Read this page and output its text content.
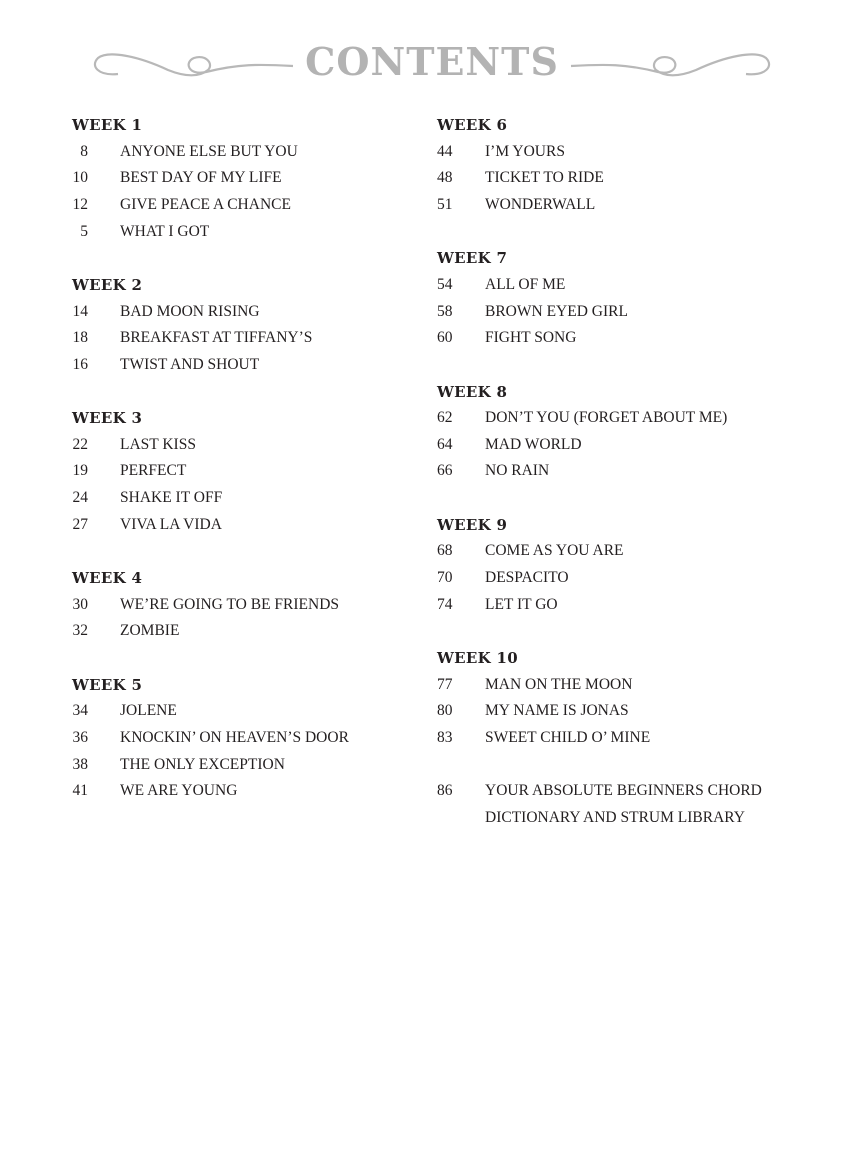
CONTENTS
WEEK 1
8 ANYONE ELSE BUT YOU
10 BEST DAY OF MY LIFE
12 GIVE PEACE A CHANCE
5 WHAT I GOT
WEEK 2
14 BAD MOON RISING
18 BREAKFAST AT TIFFANY’S
16 TWIST AND SHOUT
WEEK 3
22 LAST KISS
19 PERFECT
24 SHAKE IT OFF
27 VIVA LA VIDA
WEEK 4
30 WE’RE GOING TO BE FRIENDS
32 ZOMBIE
WEEK 5
34 JOLENE
36 KNOCKIN’ ON HEAVEN’S DOOR
38 THE ONLY EXCEPTION
41 WE ARE YOUNG
WEEK 6
44	I’M YOURS
48	TICKET TO RIDE
51	WONDERWALL
WEEK 7
54	ALL OF ME
58	BROWN EYED GIRL
60	FIGHT SONG
WEEK 8
62	DON’T YOU (FORGET ABOUT ME)
64	MAD WORLD
66	NO RAIN
WEEK 9
68	COME AS YOU ARE
70	DESPACITO
74	LET IT GO
WEEK 10
77	MAN ON THE MOON
80	MY NAME IS JONAS
83	SWEET CHILD O’ MINE
86	YOUR ABSOLUTE BEGINNERS CHORD DICTIONARY AND STRUM LIBRARY
